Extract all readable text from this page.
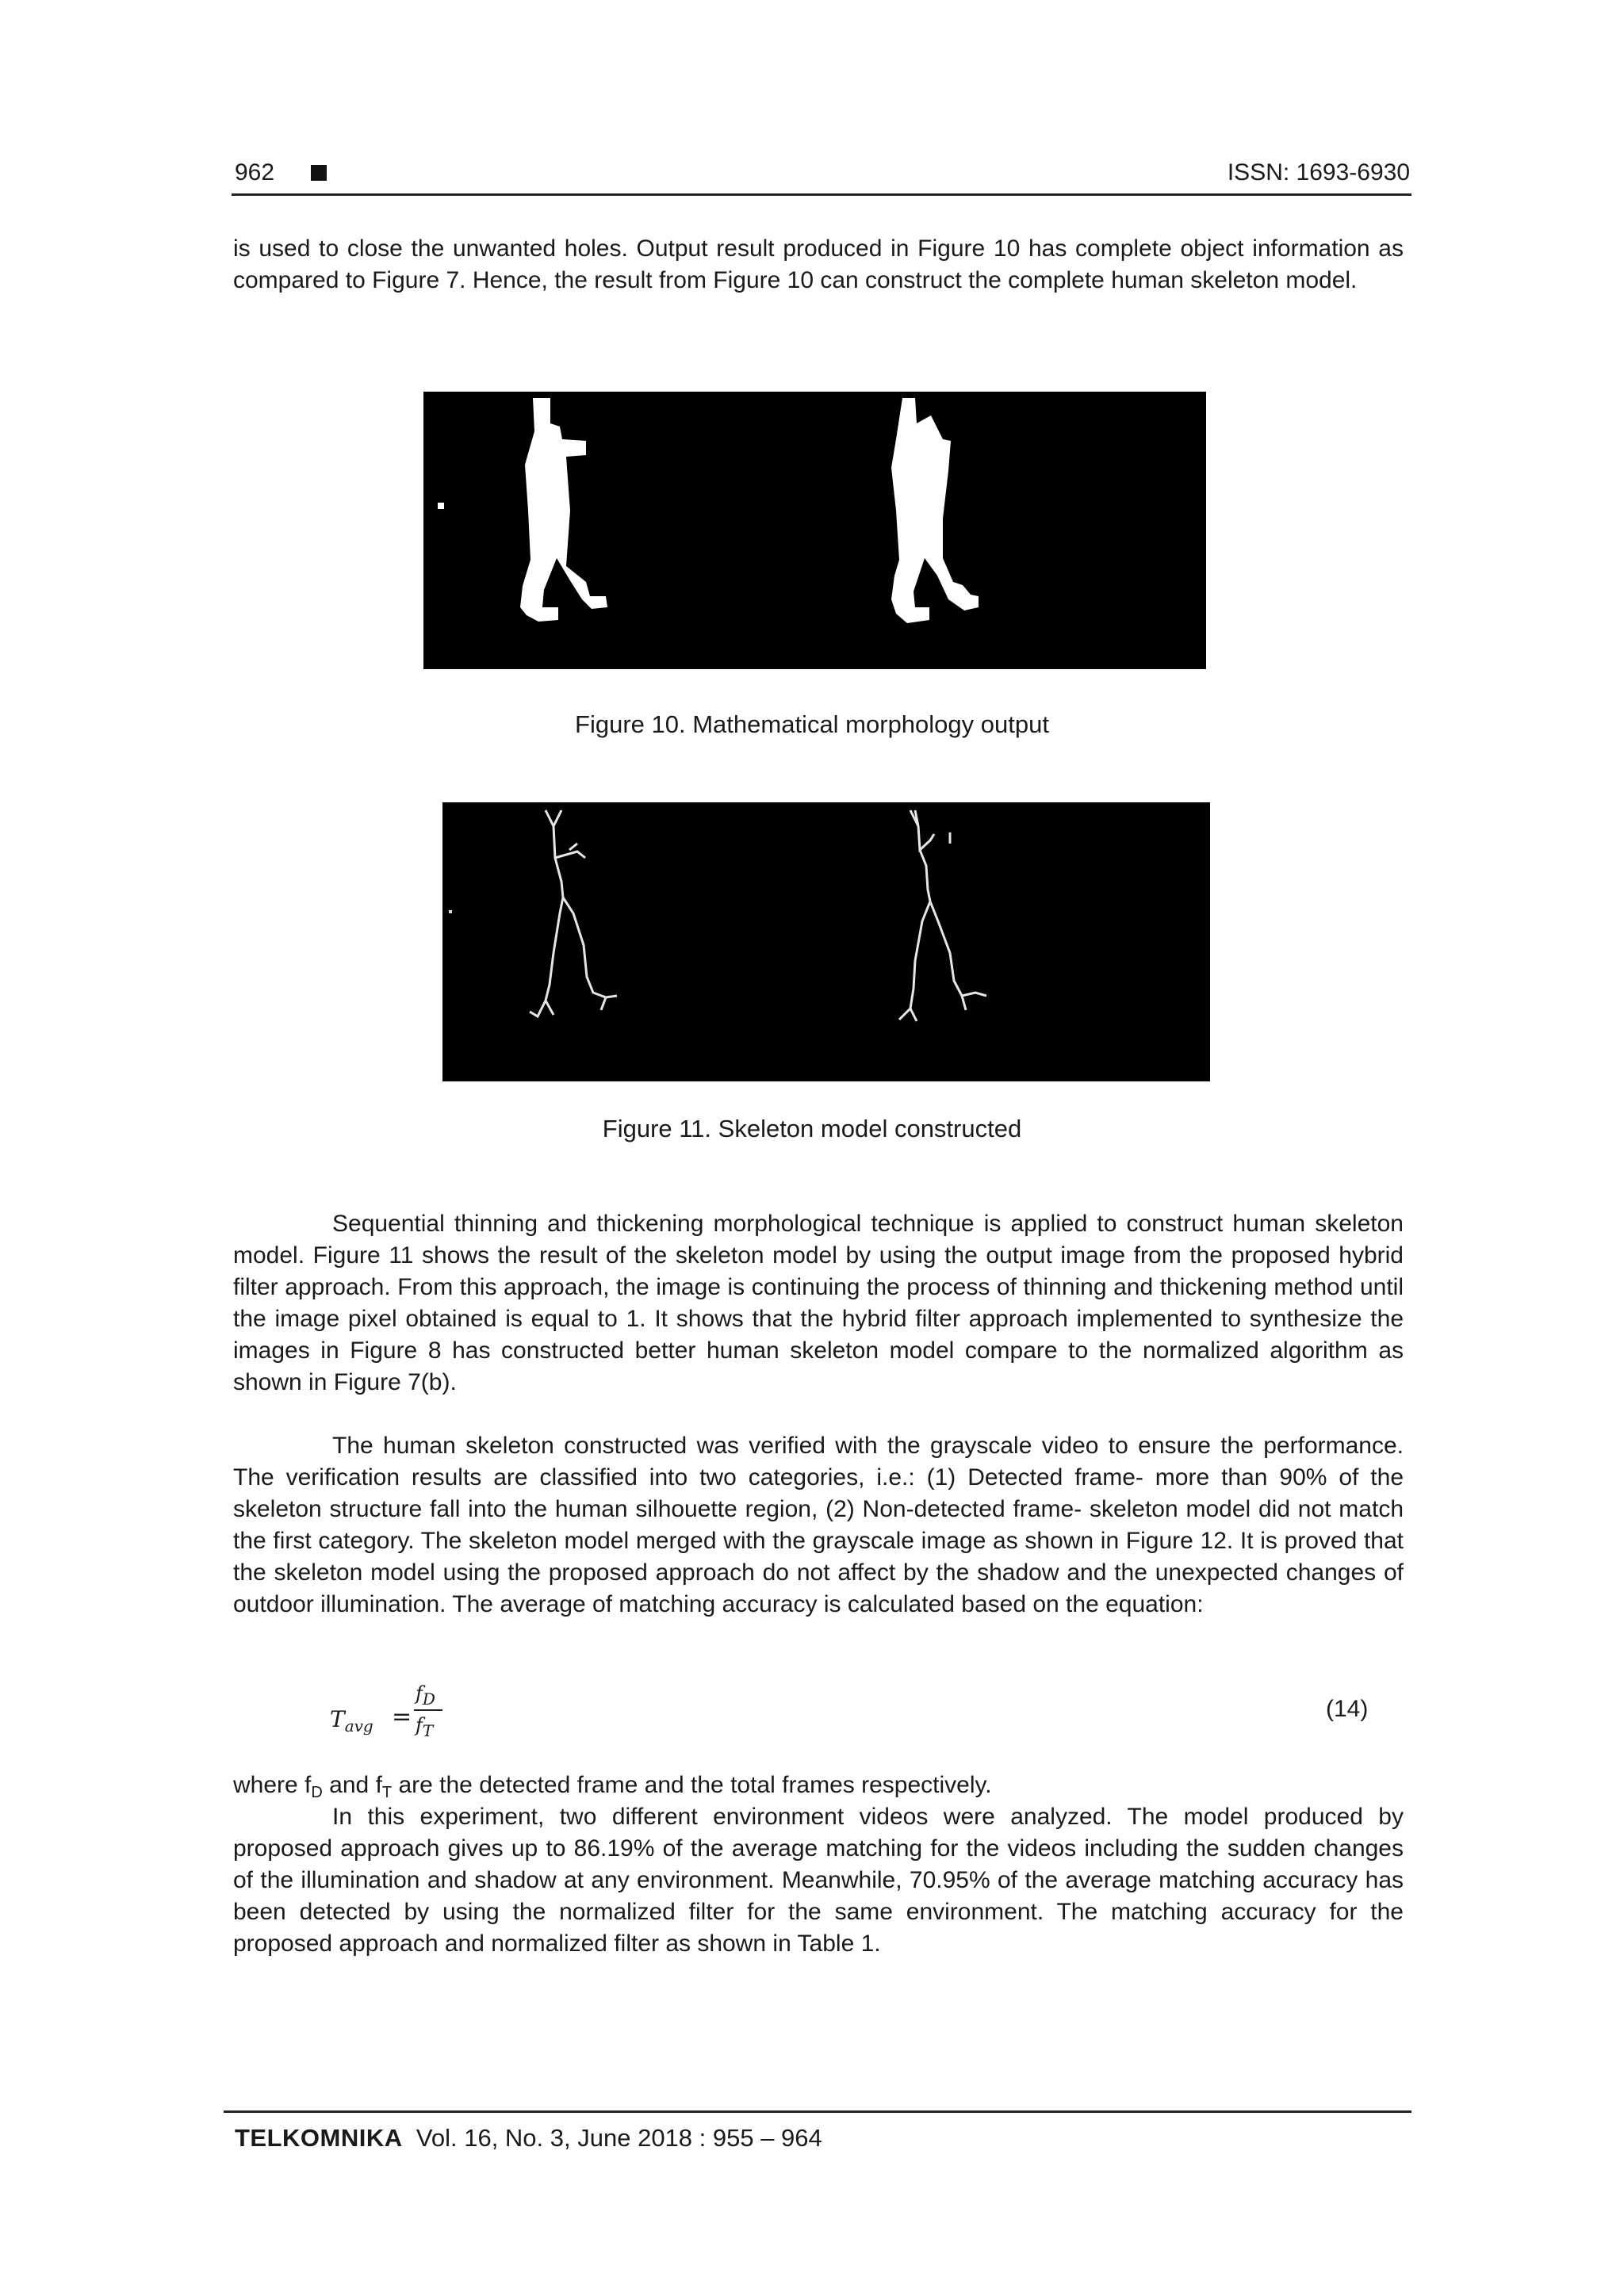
962	ISSN: 1693-6930
is used to close the unwanted holes. Output result produced in Figure 10 has complete object information as compared to Figure 7. Hence, the result from Figure 10 can construct the complete human skeleton model.
Figure 10. Mathematical morphology output
Figure 11. Skeleton model constructed
Sequential thinning and thickening morphological technique is applied to construct human skeleton model. Figure 11 shows the result of the skeleton model by using the output image from the proposed hybrid filter approach. From this approach, the image is continuing the process of thinning and thickening method until the image pixel obtained is equal to 1. It shows that the hybrid filter approach implemented to synthesize the images in Figure 8 has constructed better human skeleton model compare to the normalized algorithm as shown in Figure 7(b).
The human skeleton constructed was verified with the grayscale video to ensure the performance. The verification results are classified into two categories, i.e.: (1) Detected frame- more than 90% of the skeleton structure fall into the human silhouette region, (2) Non-detected frame- skeleton model did not match the first category. The skeleton model merged with the grayscale image as shown in Figure 12. It is proved that the skeleton model using the proposed approach do not affect by the shadow and the unexpected changes of outdoor illumination. The average of matching accuracy is calculated based on the equation:
$T_{avg}$ =
$f_D$
$f_T$
(14)
where $f_D$ and $f_T$ are the detected frame and the total frames respectively.
In this experiment, two different environment videos were analyzed. The model produced by proposed approach gives up to 86.19% of the average matching for the videos including the sudden changes of the illumination and shadow at any environment. Meanwhile, 70.95% of the average matching accuracy has been detected by using the normalized filter for the same environment. The matching accuracy for the proposed approach and normalized filter as shown in Table 1.
TELKOMNIKA Vol. 16, No. 3, June 2018 : 955 – 964
